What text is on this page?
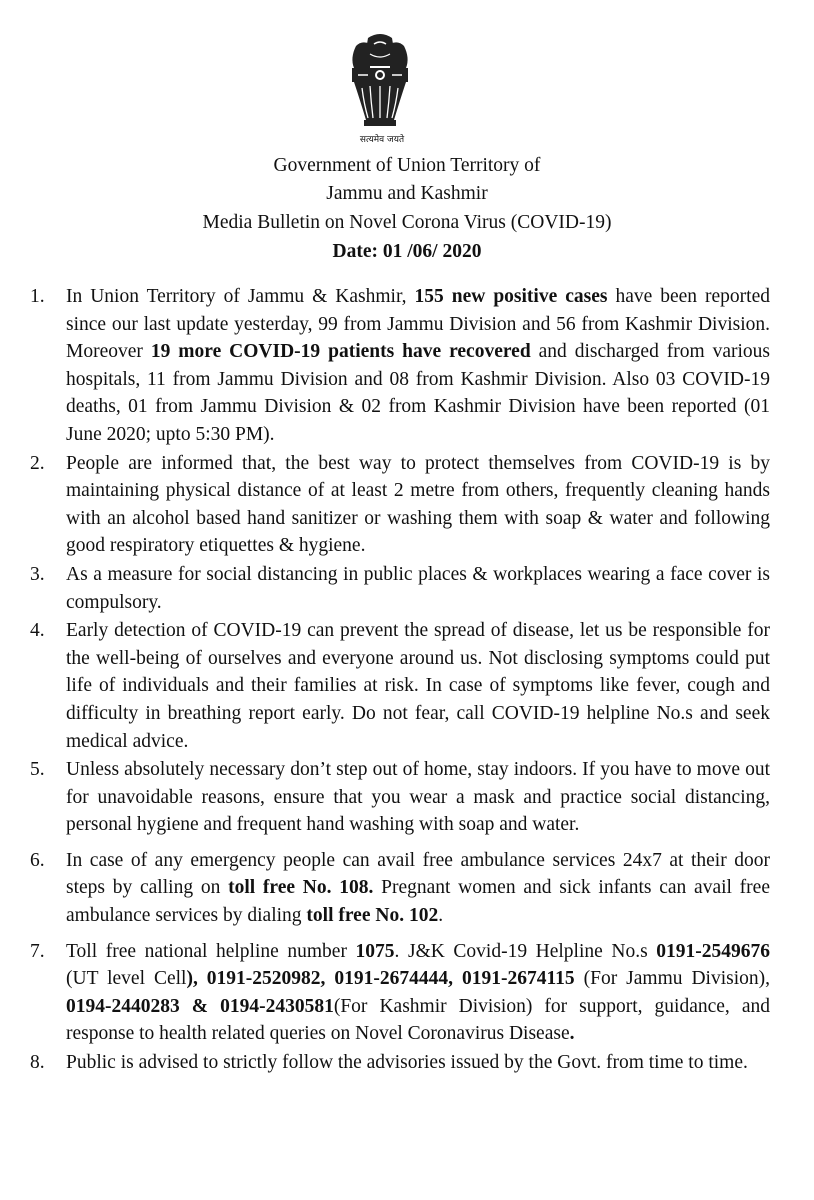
सत्यमेव जयते
Government of Union Territory of
Jammu and Kashmir
Media Bulletin on Novel Corona Virus (COVID-19)
Date: 01 /06/ 2020
1.	In Union Territory of Jammu & Kashmir, 155 new positive cases have been reported since our last update yesterday, 99 from Jammu Division and 56 from Kashmir Division. Moreover 19 more COVID-19 patients have recovered and discharged from various hospitals, 11 from Jammu Division and 08 from Kashmir Division. Also 03 COVID-19 deaths, 01 from Jammu Division & 02 from Kashmir Division have been reported (01 June 2020; upto 5:30 PM).
2.	People are informed that, the best way to protect themselves from COVID-19 is by maintaining physical distance of at least 2 metre from others, frequently cleaning hands with an alcohol based hand sanitizer or washing them with soap & water and following good respiratory etiquettes & hygiene.
3.	As a measure for social distancing in public places & workplaces wearing a face cover is compulsory.
4.	Early detection of COVID-19 can prevent the spread of disease, let us be responsible for the well-being of ourselves and everyone around us. Not disclosing symptoms could put life of individuals and their families at risk. In case of symptoms like fever, cough and difficulty in breathing report early. Do not fear, call COVID-19 helpline No.s and seek medical advice.
5.	Unless absolutely necessary don’t step out of home, stay indoors. If you have to move out for unavoidable reasons, ensure that you wear a mask and practice social distancing, personal hygiene and frequent hand washing with soap and water.
6.	In case of any emergency people can avail free ambulance services 24x7 at their door steps by calling on toll free No. 108. Pregnant women and sick infants can avail free ambulance services by dialing toll free No. 102.
7.	Toll free national helpline number 1075. J&K Covid-19 Helpline No.s 0191-2549676 (UT level Cell), 0191-2520982, 0191-2674444, 0191-2674115 (For Jammu Division), 0194-2440283 & 0194-2430581(For Kashmir Division) for support, guidance, and response to health related queries on Novel Coronavirus Disease.
8.	Public is advised to strictly follow the advisories issued by the Govt. from time to time.
